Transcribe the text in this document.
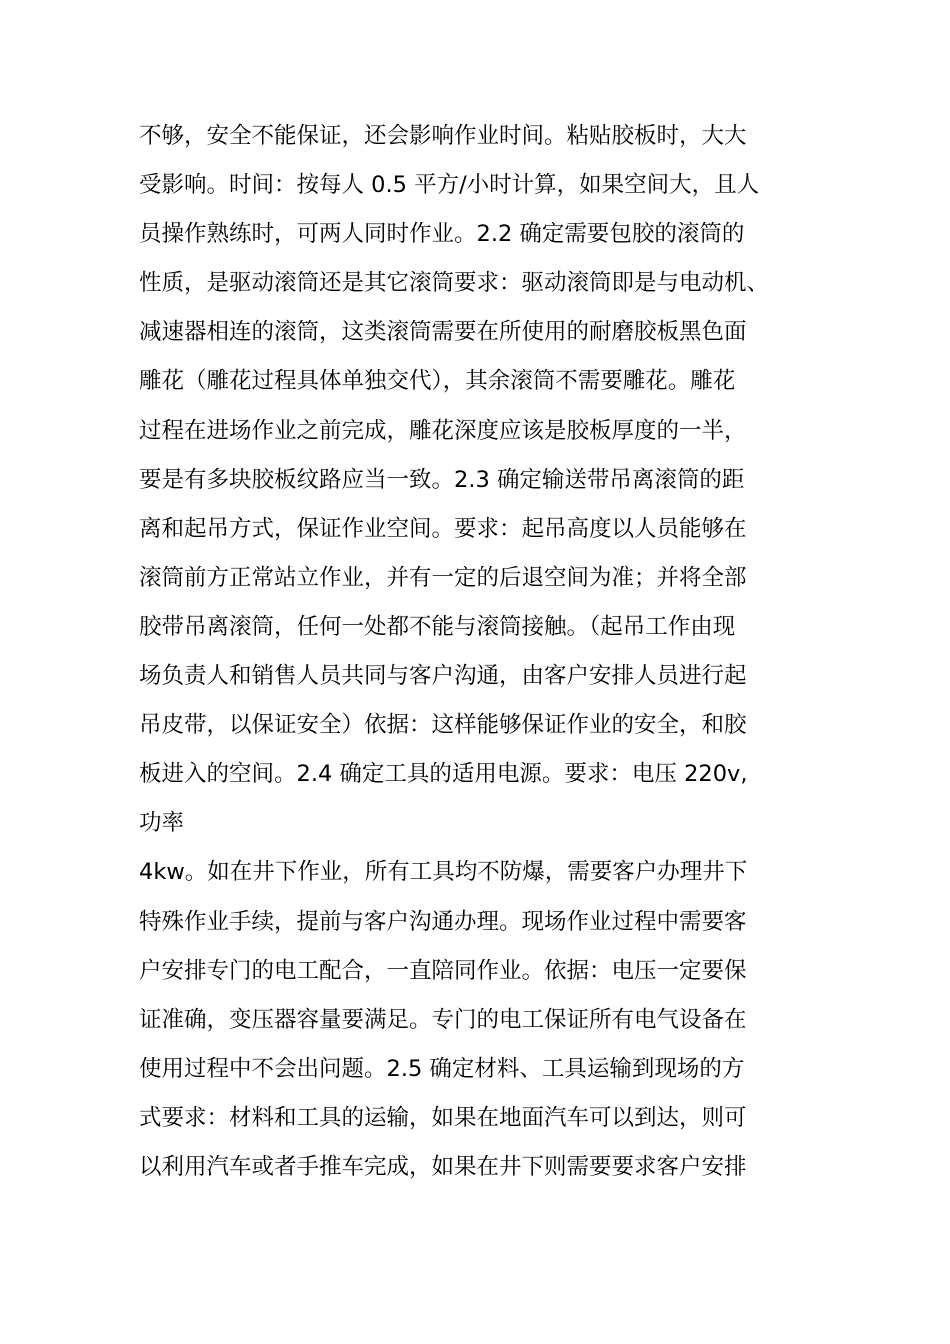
不够，安全不能保证，还会影响作业时间。粘贴胶板时，大大
受影响。时间：按每人 0.5 平方/小时计算，如果空间大，且人
员操作熟练时，可两人同时作业。2.2 确定需要包胶的滚筒的
性质，是驱动滚筒还是其它滚筒要求：驱动滚筒即是与电动机、
减速器相连的滚筒，这类滚筒需要在所使用的耐磨胶板黑色面
雕花（雕花过程具体单独交代），其余滚筒不需要雕花。雕花
过程在进场作业之前完成，雕花深度应该是胶板厚度的一半，
要是有多块胶板纹路应当一致。2.3 确定输送带吊离滚筒的距
离和起吊方式，保证作业空间。要求：起吊高度以人员能够在
滚筒前方正常站立作业，并有一定的后退空间为准；并将全部
胶带吊离滚筒，任何一处都不能与滚筒接触。（起吊工作由现
场负责人和销售人员共同与客户沟通，由客户安排人员进行起
吊皮带，以保证安全）依据：这样能够保证作业的安全，和胶
板进入的空间。2.4 确定工具的适用电源。要求：电压 220v,
功率
4kw。如在井下作业，所有工具均不防爆，需要客户办理井下
特殊作业手续，提前与客户沟通办理。现场作业过程中需要客
户安排专门的电工配合，一直陪同作业。依据：电压一定要保
证准确，变压器容量要满足。专门的电工保证所有电气设备在
使用过程中不会出问题。2.5 确定材料、工具运输到现场的方
式要求：材料和工具的运输，如果在地面汽车可以到达，则可
以利用汽车或者手推车完成，如果在井下则需要要求客户安排
